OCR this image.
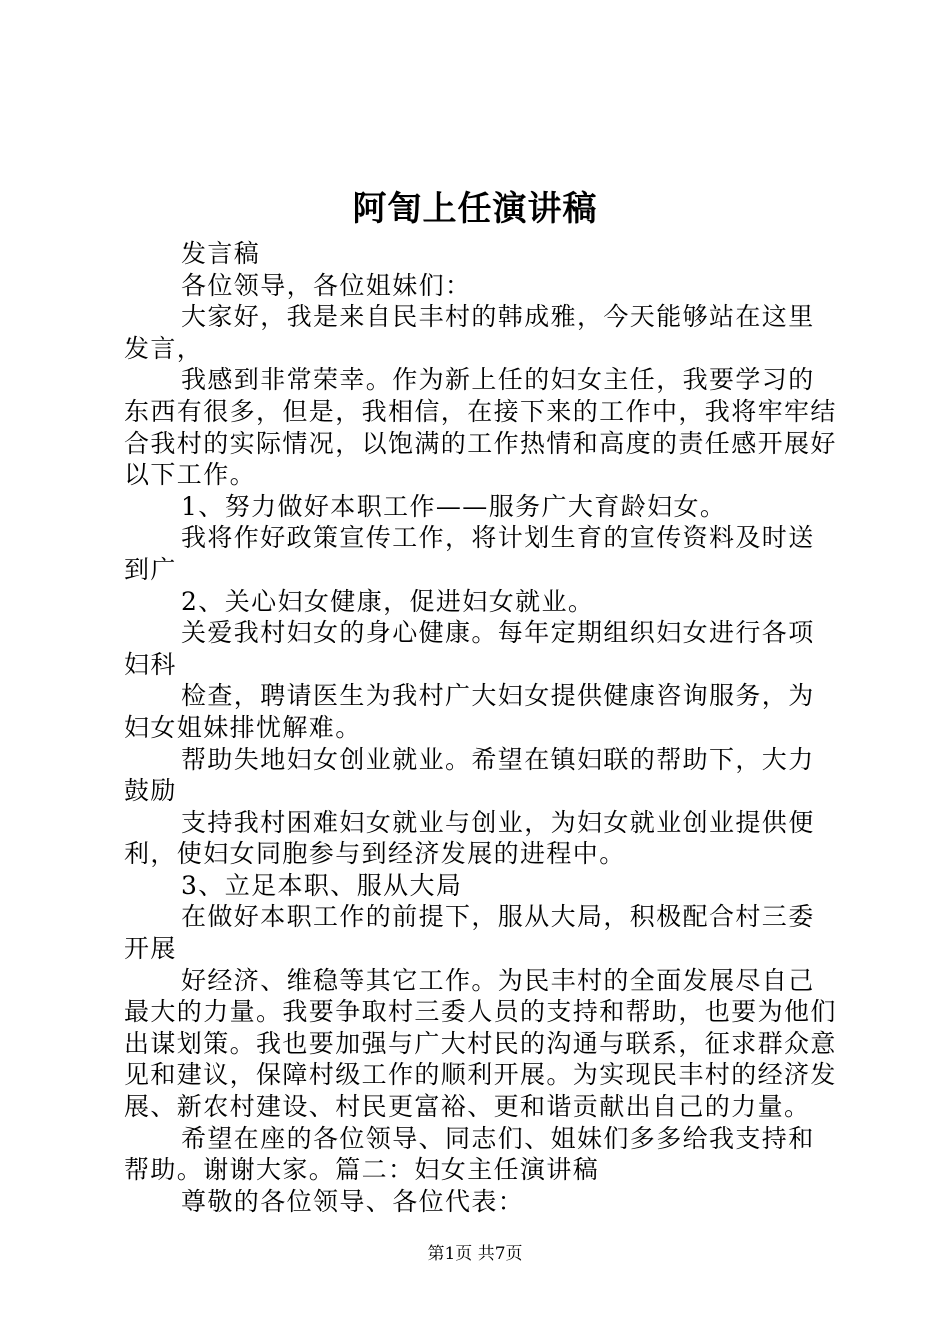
阿訇上任演讲稿

发言稿

各位领导，各位姐妹们：

大家好，我是来自民丰村的韩成雅，今天能够站在这里发言，

我感到非常荣幸。作为新上任的妇女主任，我要学习的东西有很多，但是，我相信，在接下来的工作中，我将牢牢结合我村的实际情况，以饱满的工作热情和高度的责任感开展好以下工作。

1、努力做好本职工作——服务广大育龄妇女。

我将作好政策宣传工作，将计划生育的宣传资料及时送到广

2、关心妇女健康，促进妇女就业。

关爱我村妇女的身心健康。每年定期组织妇女进行各项妇科

检查，聘请医生为我村广大妇女提供健康咨询服务，为妇女姐妹排忧解难。

帮助失地妇女创业就业。希望在镇妇联的帮助下，大力鼓励

支持我村困难妇女就业与创业，为妇女就业创业提供便利，使妇女同胞参与到经济发展的进程中。

3、立足本职、服从大局

在做好本职工作的前提下，服从大局，积极配合村三委开展

好经济、维稳等其它工作。为民丰村的全面发展尽自己最大的力量。我要争取村三委人员的支持和帮助，也要为他们出谋划策。我也要加强与广大村民的沟通与联系，征求群众意见和建议，保障村级工作的顺利开展。为实现民丰村的经济发展、新农村建设、村民更富裕、更和谐贡献出自己的力量。

希望在座的各位领导、同志们、姐妹们多多给我支持和帮助。谢谢大家。篇二：妇女主任演讲稿

尊敬的各位领导、各位代表：

第1页 共7页
